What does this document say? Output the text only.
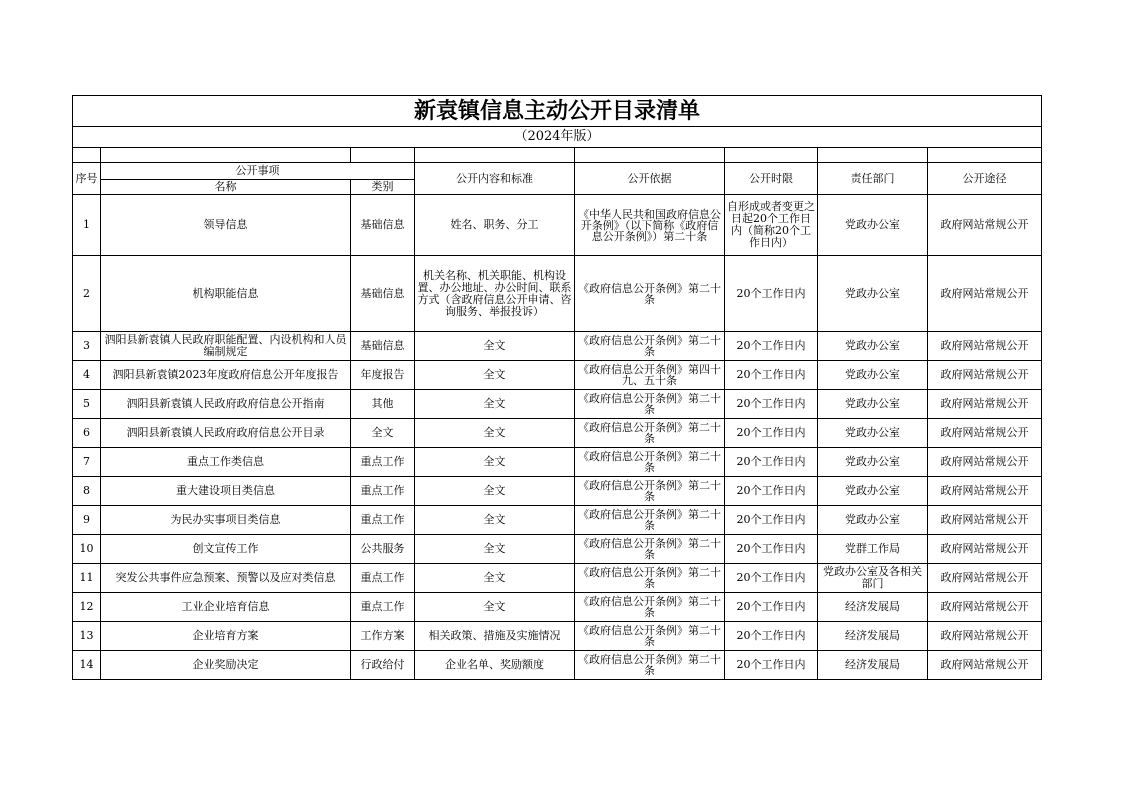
新袁镇信息主动公开目录清单							
（2024年版）							

序号	公开事项		公开内容和标准	公开依据	公开时限	责任部门	公开途径
	名称	类别					
1	领导信息	基础信息	姓名、职务、分工	《中华人民共和国政府信息公开条例》（以下简称《政府信息公开条例》）第二十条	自形成或者变更之日起20个工作日内（简称20个工作日内）	党政办公室	政府网站常规公开
2	机构职能信息	基础信息	机关名称、机关职能、机构设置、办公地址、办公时间、联系方式（含政府信息公开申请、咨询服务、举报投诉）	《政府信息公开条例》第二十条	20个工作日内	党政办公室	政府网站常规公开
3	泗阳县新袁镇人民政府职能配置、内设机构和人员编制规定	基础信息	全文	《政府信息公开条例》第二十条	20个工作日内	党政办公室	政府网站常规公开
4	泗阳县新袁镇2023年度政府信息公开年度报告	年度报告	全文	《政府信息公开条例》第四十九、五十条	20个工作日内	党政办公室	政府网站常规公开
5	泗阳县新袁镇人民政府政府信息公开指南	其他	全文	《政府信息公开条例》第二十条	20个工作日内	党政办公室	政府网站常规公开
6	泗阳县新袁镇人民政府政府信息公开目录	全文	全文	《政府信息公开条例》第二十条	20个工作日内	党政办公室	政府网站常规公开
7	重点工作类信息	重点工作	全文	《政府信息公开条例》第二十条	20个工作日内	党政办公室	政府网站常规公开
8	重大建设项目类信息	重点工作	全文	《政府信息公开条例》第二十条	20个工作日内	党政办公室	政府网站常规公开
9	为民办实事项目类信息	重点工作	全文	《政府信息公开条例》第二十条	20个工作日内	党政办公室	政府网站常规公开
10	创文宣传工作	公共服务	全文	《政府信息公开条例》第二十条	20个工作日内	党群工作局	政府网站常规公开
11	突发公共事件应急预案、预警以及应对类信息	重点工作	全文	《政府信息公开条例》第二十条	20个工作日内	党政办公室及各相关部门	政府网站常规公开
12	工业企业培育信息	重点工作	全文	《政府信息公开条例》第二十条	20个工作日内	经济发展局	政府网站常规公开
13	企业培育方案	工作方案	相关政策、措施及实施情况	《政府信息公开条例》第二十条	20个工作日内	经济发展局	政府网站常规公开
14	企业奖励决定	行政给付	企业名单、奖励额度	《政府信息公开条例》第二十条	20个工作日内	经济发展局	政府网站常规公开
